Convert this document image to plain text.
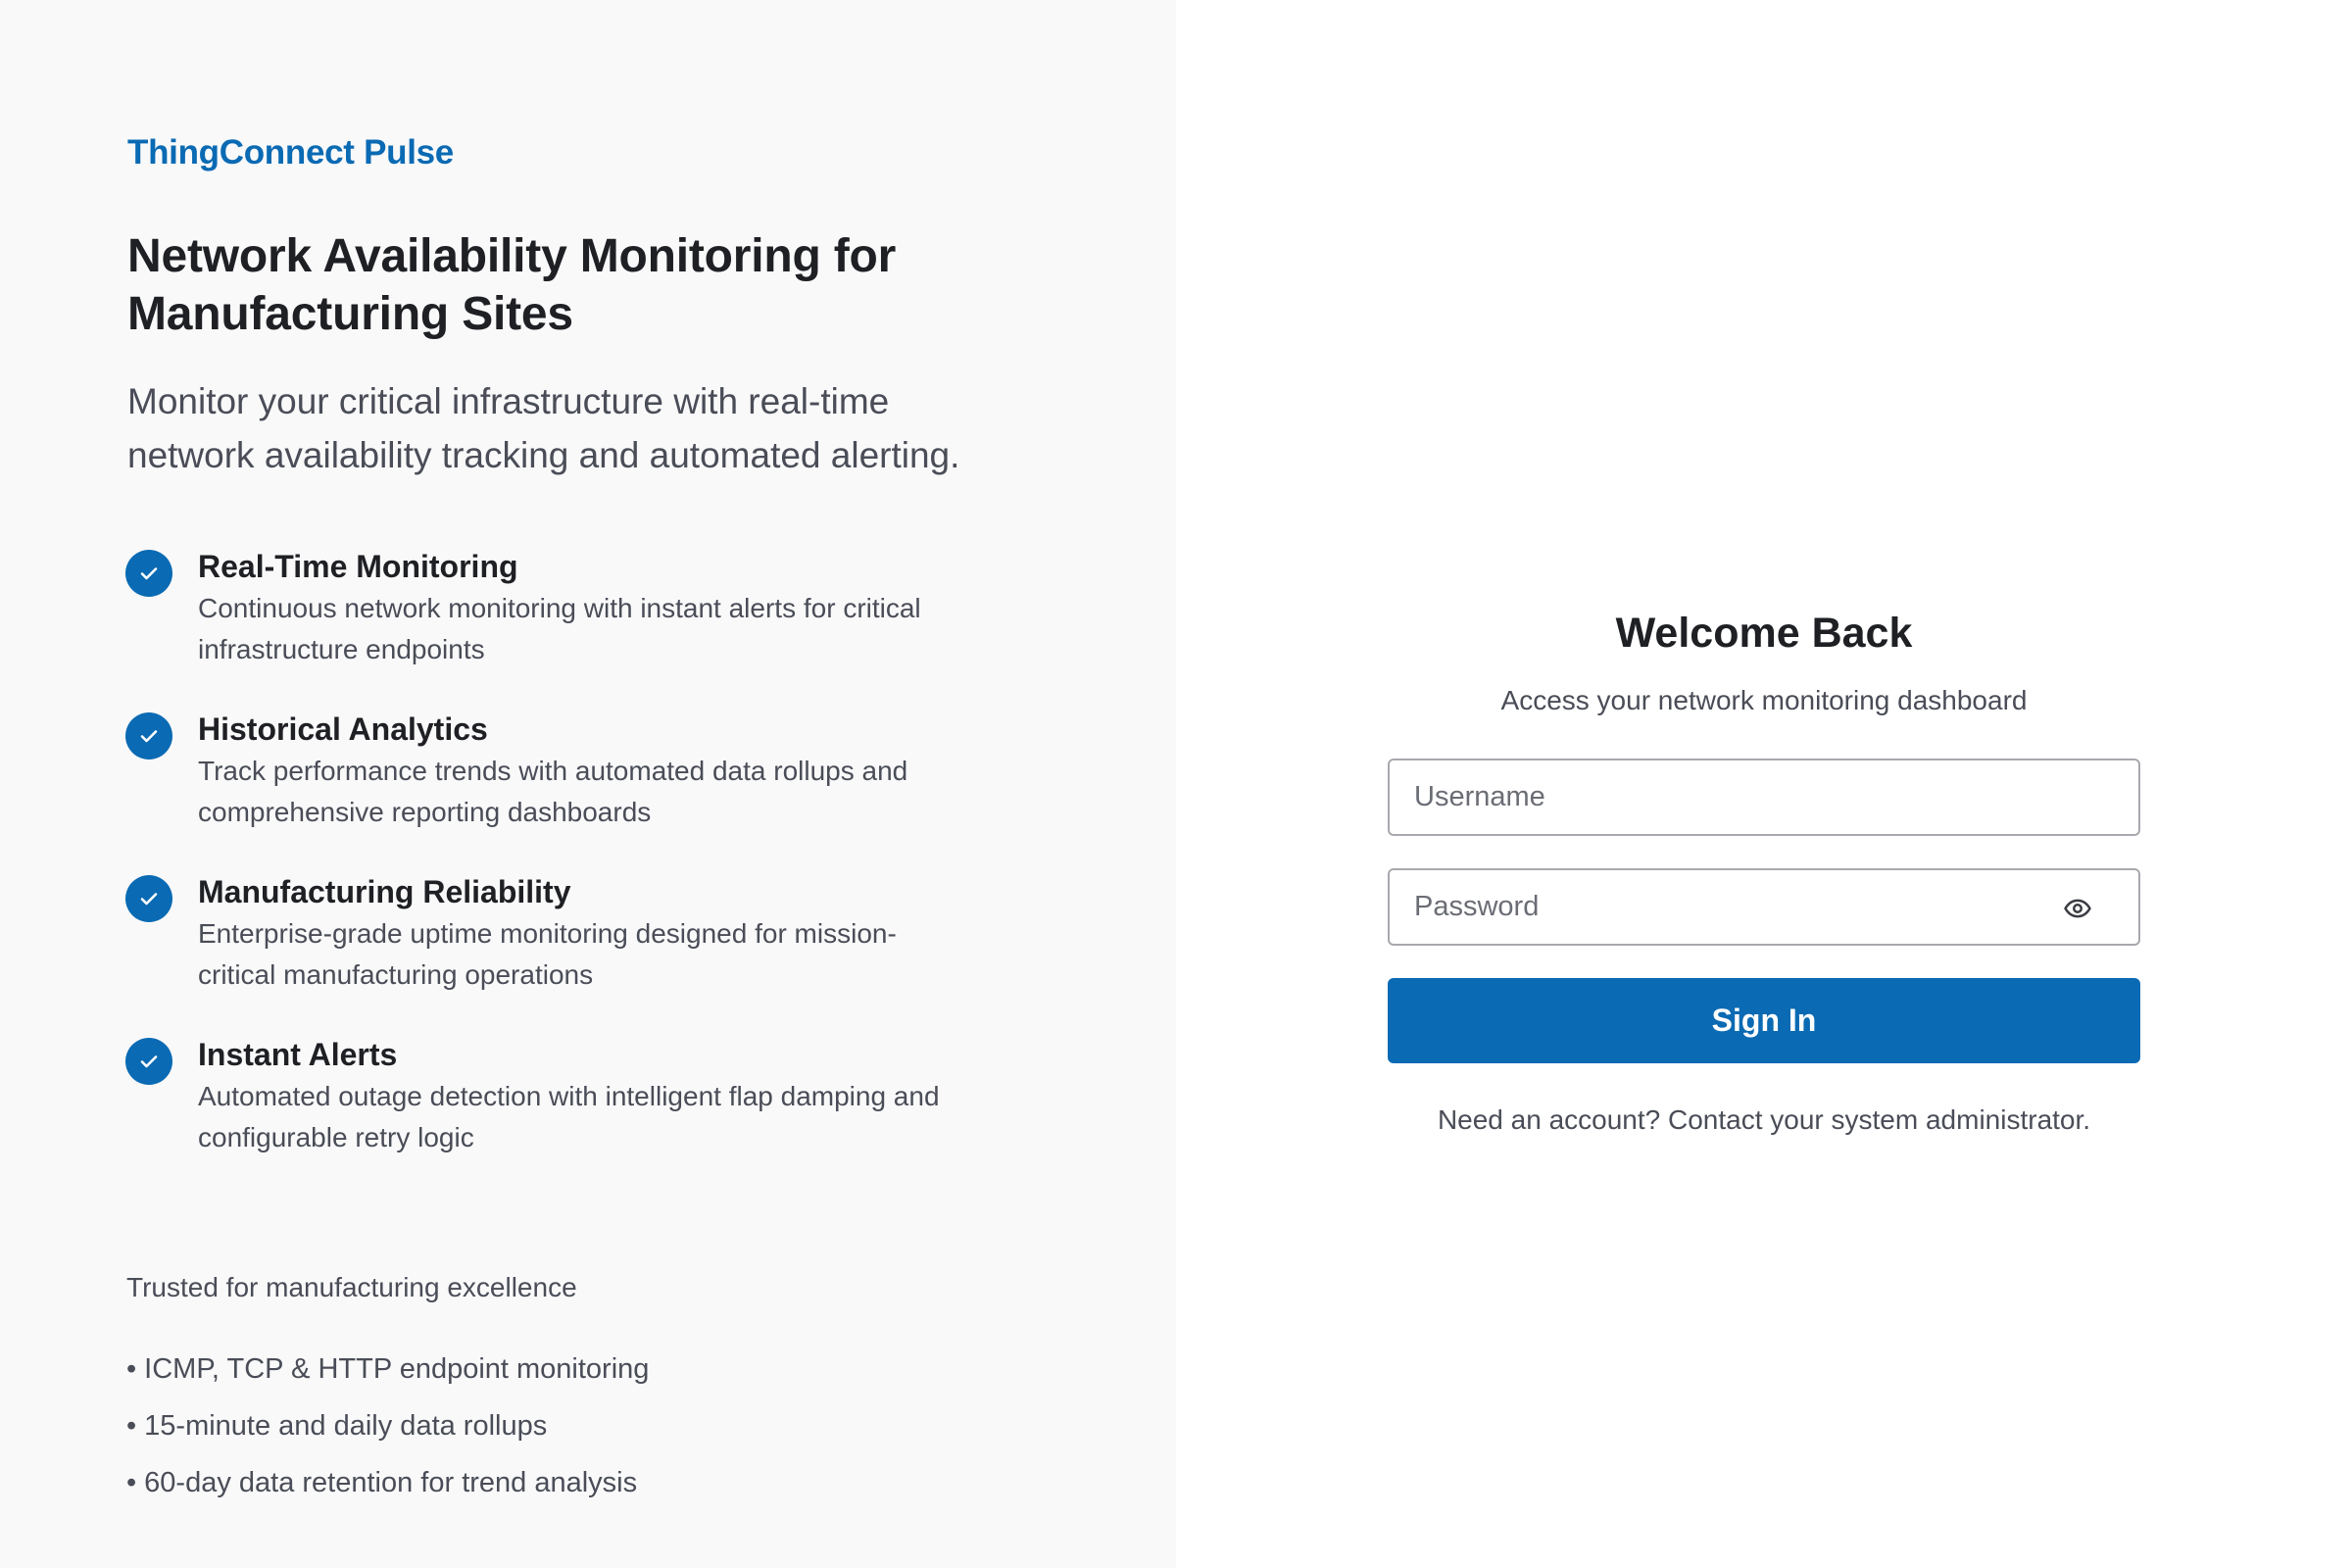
ThingConnect Pulse
Network Availability Monitoring for
Manufacturing Sites

Monitor your critical infrastructure with real-time
network availability tracking and automated alerting.

Real-Time Monitoring
Continuous network monitoring with instant alerts for critical
infrastructure endpoints
Historical Analytics
Track performance trends with automated data rollups and
comprehensive reporting dashboards
Manufacturing Reliability
Enterprise-grade uptime monitoring designed for mission-
critical manufacturing operations
Instant Alerts
Automated outage detection with intelligent flap damping and
configurable retry logic
Trusted for manufacturing excellence
• ICMP, TCP & HTTP endpoint monitoring
• 15-minute and daily data rollups
• 60-day data retention for trend analysis
Welcome Back

Access your network monitoring dashboard

Username
Sign In

Need an account? Contact your system administrator.
